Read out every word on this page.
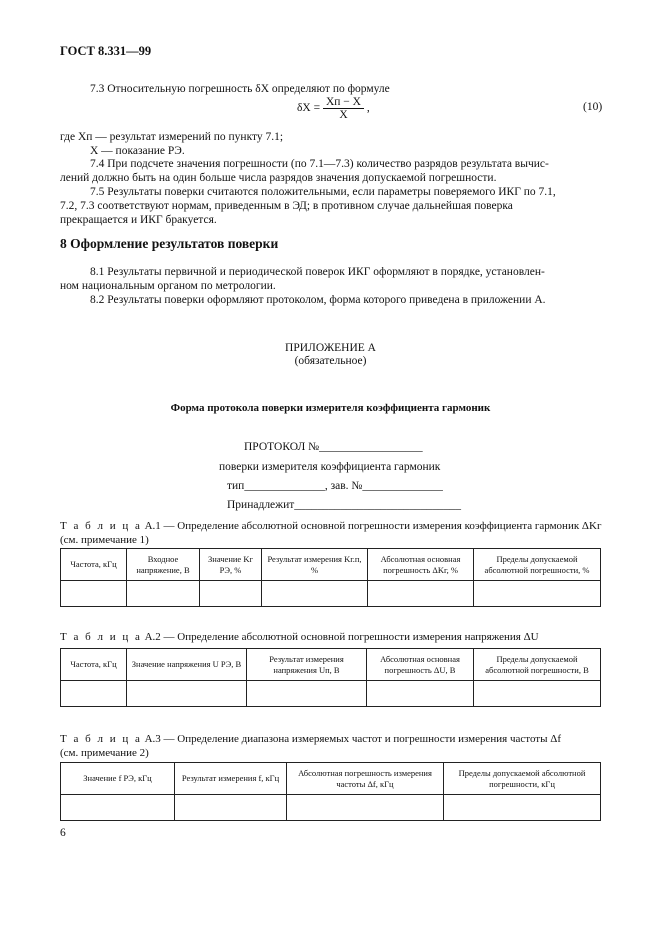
ГОСТ 8.331—99
7.3 Относительную погрешность δX определяют по формуле
$\delta X = \frac{Xп - X}{X}$ ,	(10)
где Xп — результат измерений по пункту 7.1;
X — показание РЭ.
7.4 При подсчете значения погрешности (по 7.1—7.3) количество разрядов результата вычис-
лений должно быть на один больше числа разрядов значения допускаемой погрешности.
7.5 Результаты поверки считаются положительными, если параметры поверяемого ИКГ по 7.1,
7.2, 7.3 соответствуют нормам, приведенным в ЭД; в противном случае дальнейшая поверка
прекращается и ИКГ бракуется.
8 Оформление результатов поверки
8.1 Результаты первичной и периодической поверок ИКГ оформляют в порядке, установлен-
ном национальным органом по метрологии.
8.2 Результаты поверки оформляют протоколом, форма которого приведена в приложении А.
ПРИЛОЖЕНИЕ А
(обязательное)
Форма протокола поверки измерителя коэффициента гармоник
ПРОТОКОЛ №__________________
поверки измерителя коэффициента гармоник
тип______________, зав. №______________
Принадлежит_____________________________
Т а б л и ц а А.1 — Определение абсолютной основной погрешности измерения коэффициента гармоник ΔKг
(см. примечание 1)
Частота, кГц	Входное напряжение, В	Значение Kг РЭ, %	Результат измерения Kг.п, %	Абсолютная основная погрешность ΔKг, %	Пределы допускаемой абсолютной погрешности, %

Т а б л и ц а А.2 — Определение абсолютной основной погрешности измерения напряжения ΔU
Частота, кГц	Значение напряжения U РЭ, В	Результат измерения напряжения Uп, В	Абсолютная основная погрешность ΔU, В	Пределы допускаемой абсолютной погрешности, В

Т а б л и ц а А.3 — Определение диапазона измеряемых частот и погрешности измерения частоты Δf
(см. примечание 2)
Значение f РЭ, кГц	Результат измерения f, кГц	Абсолютная погрешность измерения частоты Δf, кГц	Пределы допускаемой абсолютной погрешности, кГц

6
